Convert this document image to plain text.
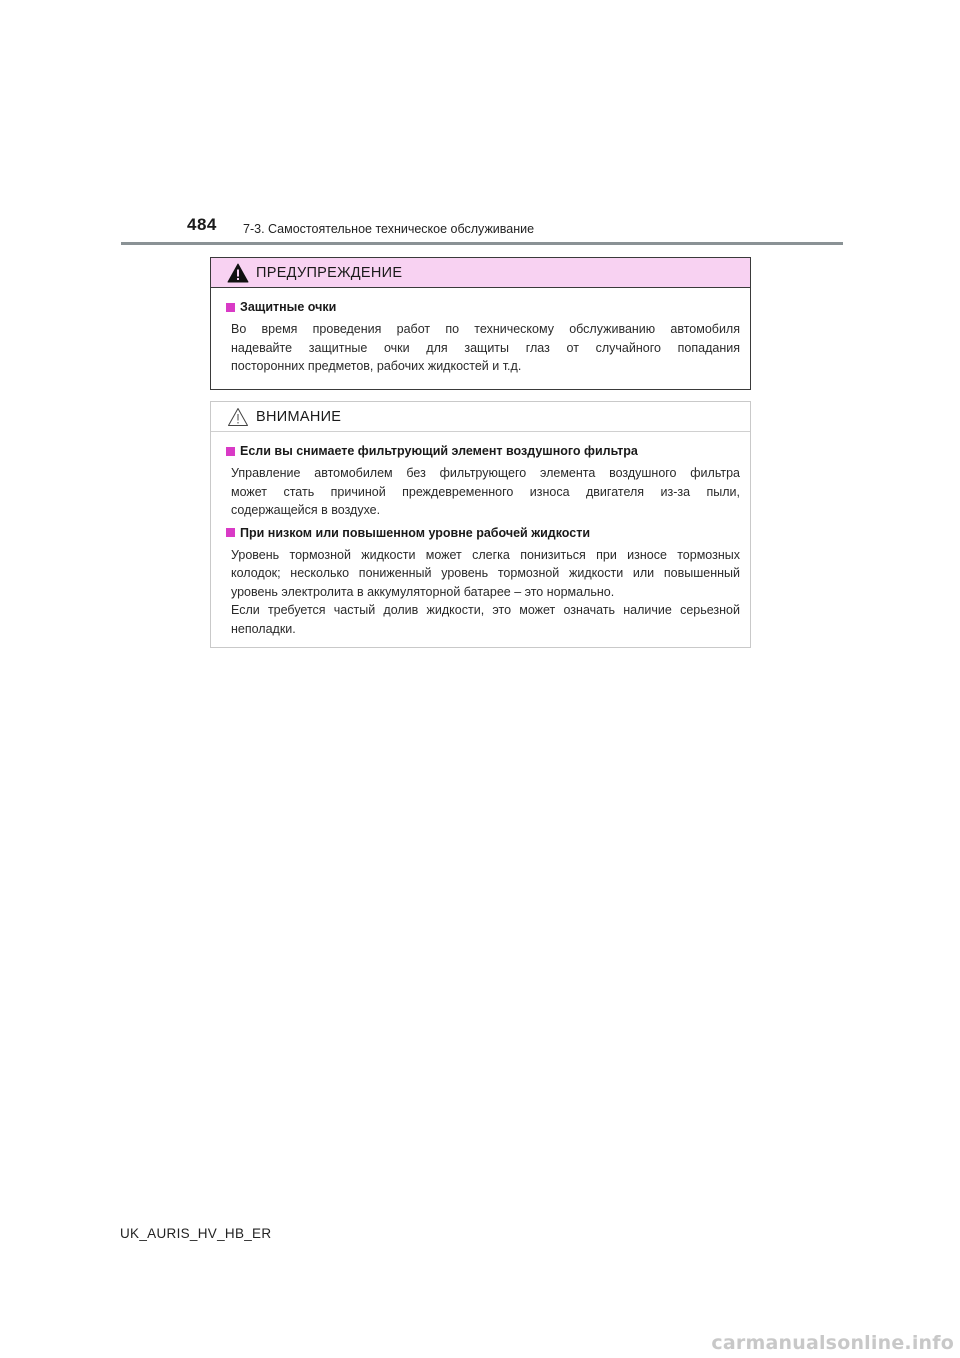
484 7-3. Самостоятельное техническое обслуживание
ПРЕДУПРЕЖДЕНИЕ
Защитные очки
Во время проведения работ по техническому обслуживанию автомобиля
надевайте защитные очки для защиты глаз от случайного попадания
посторонних предметов, рабочих жидкостей и т.д.
ВНИМАНИЕ
Если вы снимаете фильтрующий элемент воздушного фильтра
Управление автомобилем без фильтрующего элемента воздушного фильтра
может стать причиной преждевременного износа двигателя из-за пыли,
содержащейся в воздухе.
При низком или повышенном уровне рабочей жидкости
Уровень тормозной жидкости может слегка понизиться при износе тормозных
колодок; несколько пониженный уровень тормозной жидкости или повышенный
уровень электролита в аккумуляторной батарее – это нормально.
Если требуется частый долив жидкости, это может означать наличие серьезной
неполадки.
UK_AURIS_HV_HB_ER
carmanualsonline.info
